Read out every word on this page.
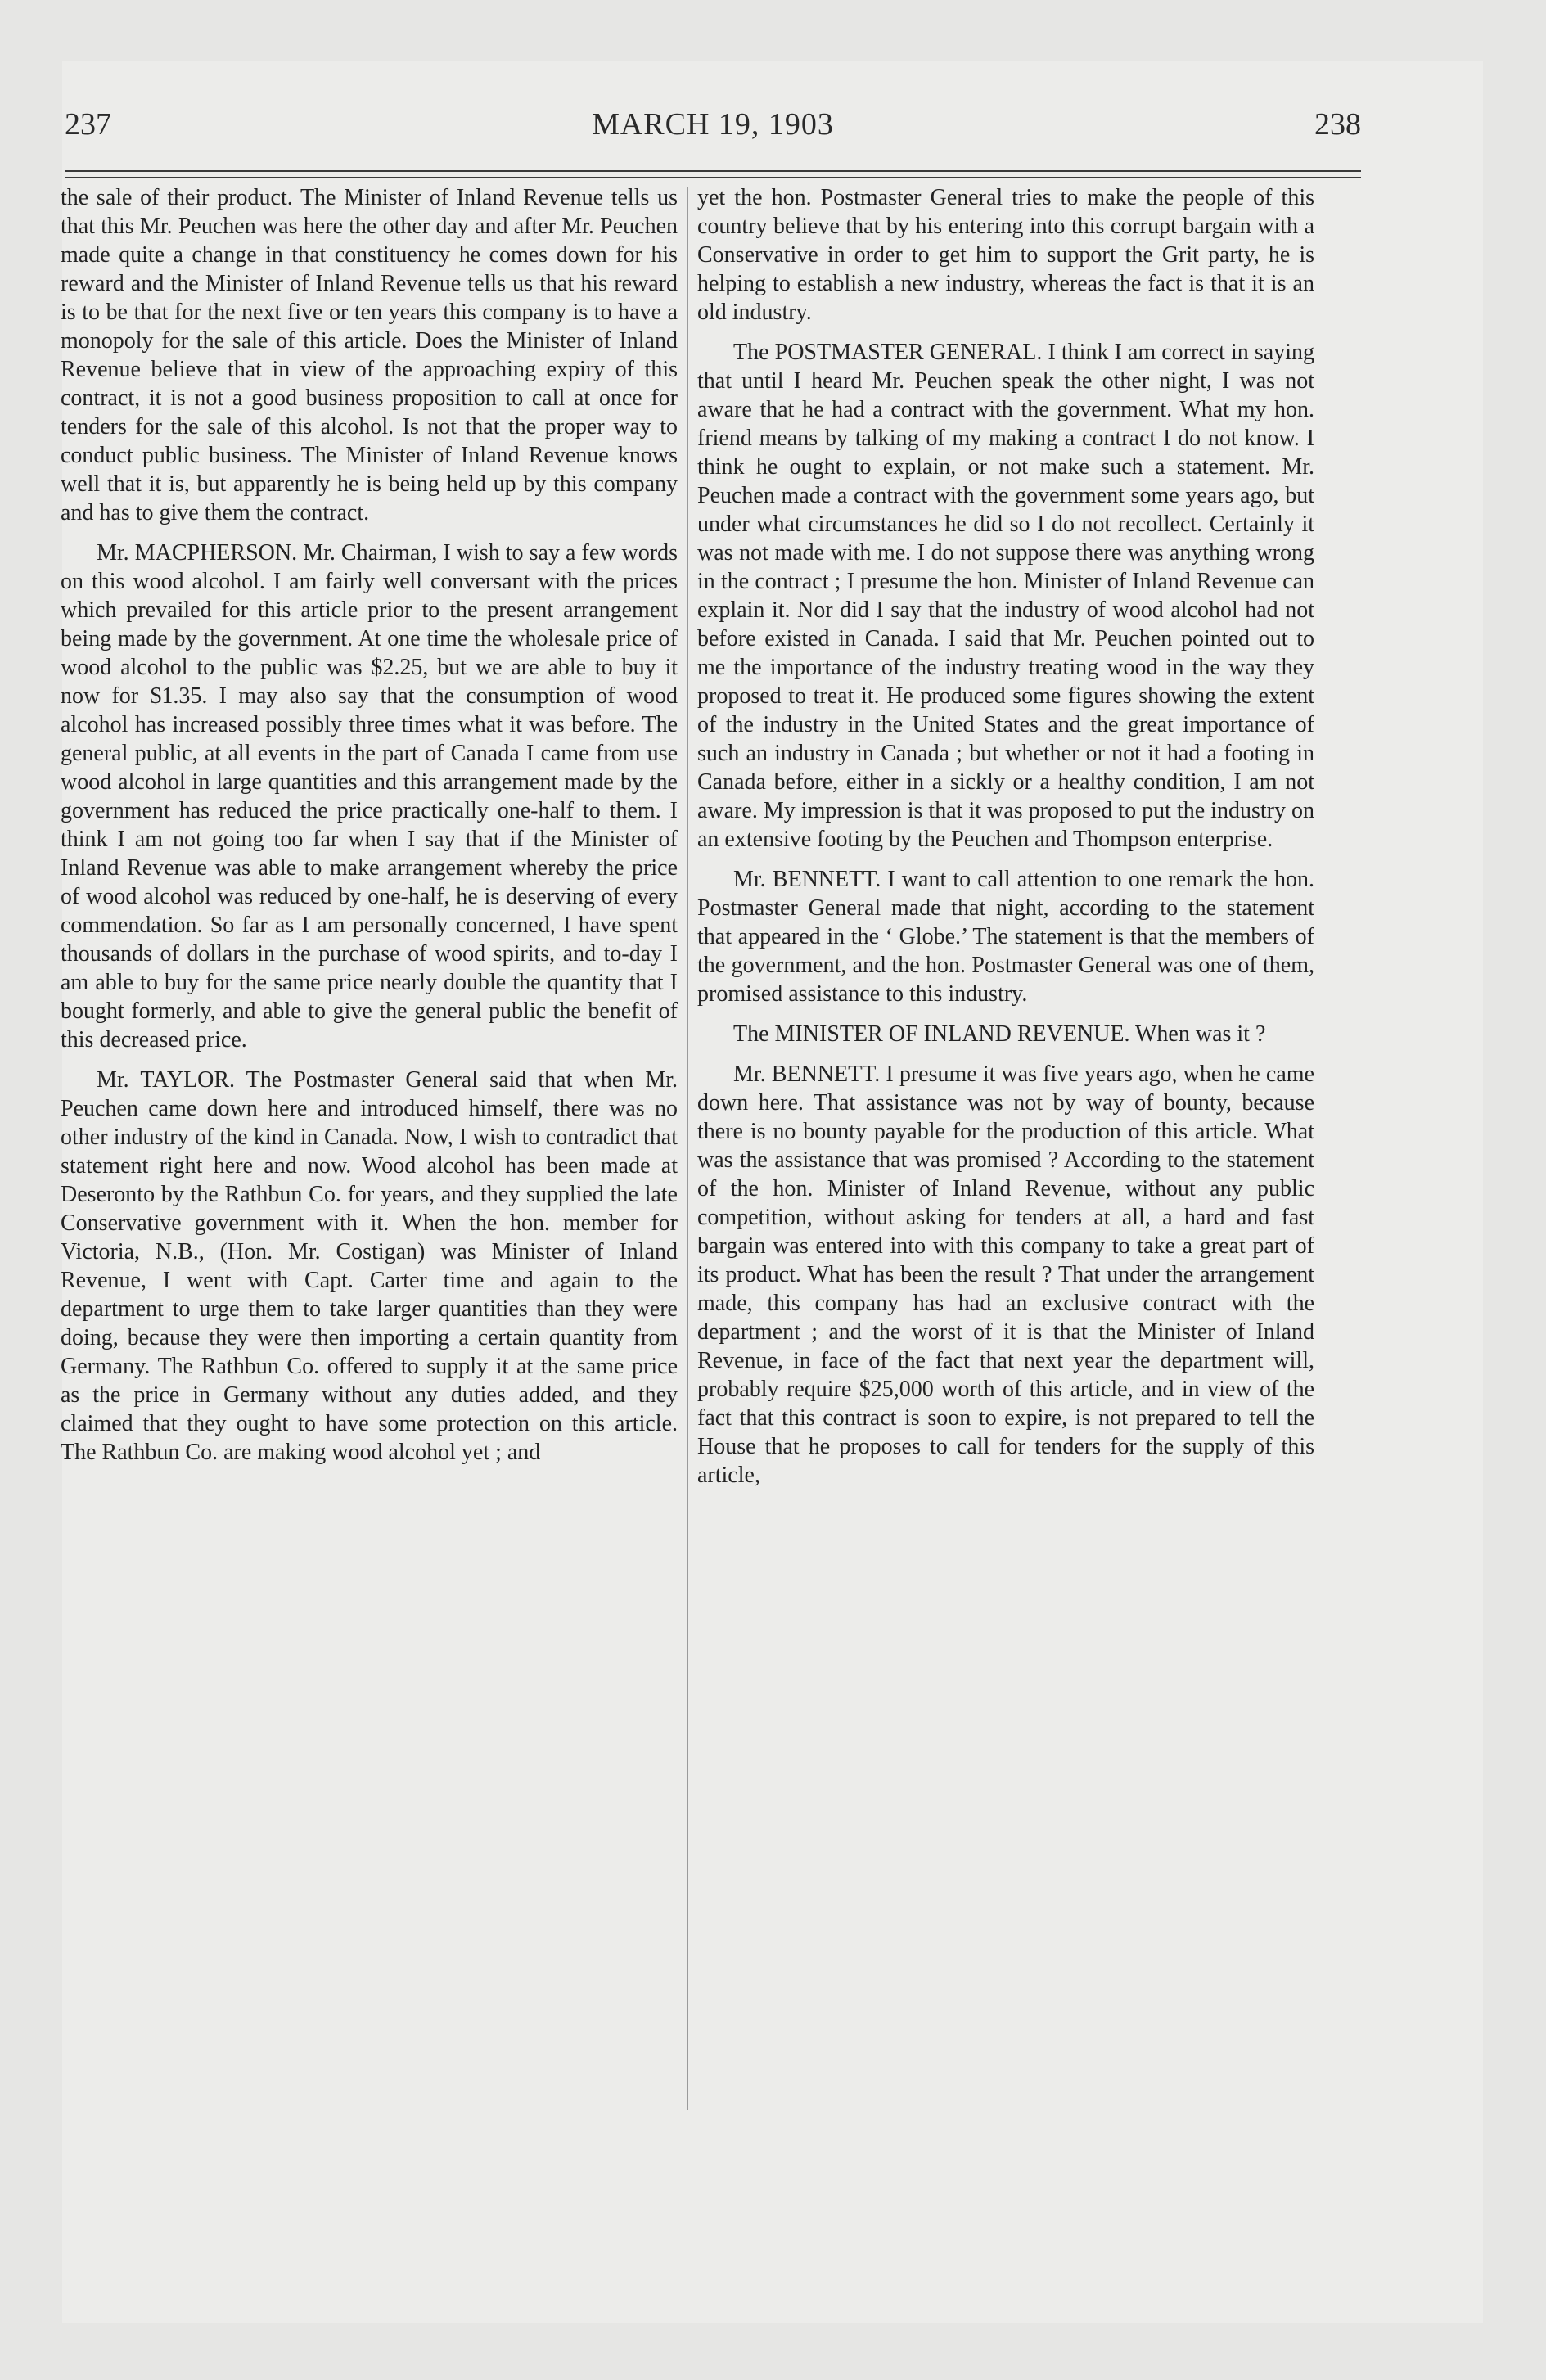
237	MARCH 19, 1903	238

the sale of their product. The Minister of Inland Revenue tells us that this Mr. Peuchen was here the other day and after Mr. Peuchen made quite a change in that constituency he comes down for his reward and the Minister of Inland Revenue tells us that his reward is to be that for the next five or ten years this company is to have a monopoly for the sale of this article. Does the Minister of Inland Revenue believe that in view of the approaching expiry of this contract, it is not a good business proposition to call at once for tenders for the sale of this alcohol. Is not that the proper way to conduct public business. The Minister of Inland Revenue knows well that it is, but apparently he is being held up by this company and has to give them the contract.

Mr. MACPHERSON. Mr. Chairman, I wish to say a few words on this wood alcohol. I am fairly well conversant with the prices which prevailed for this article prior to the present arrangement being made by the government. At one time the wholesale price of wood alcohol to the public was $2.25, but we are able to buy it now for $1.35. I may also say that the consumption of wood alcohol has increased possibly three times what it was before. The general public, at all events in the part of Canada I came from use wood alcohol in large quantities and this arrangement made by the government has reduced the price practically one-half to them. I think I am not going too far when I say that if the Minister of Inland Revenue was able to make arrangement whereby the price of wood alcohol was reduced by one-half, he is deserving of every commendation. So far as I am personally concerned, I have spent thousands of dollars in the purchase of wood spirits, and to-day I am able to buy for the same price nearly double the quantity that I bought formerly, and able to give the general public the benefit of this decreased price.

Mr. TAYLOR. The Postmaster General said that when Mr. Peuchen came down here and introduced himself, there was no other industry of the kind in Canada. Now, I wish to contradict that statement right here and now. Wood alcohol has been made at Deseronto by the Rathbun Co. for years, and they supplied the late Conservative government with it. When the hon. member for Victoria, N.B., (Hon. Mr. Costigan) was Minister of Inland Revenue, I went with Capt. Carter time and again to the department to urge them to take larger quantities than they were doing, because they were then importing a certain quantity from Germany. The Rathbun Co. offered to supply it at the same price as the price in Germany without any duties added, and they claimed that they ought to have some protection on this article. The Rathbun Co. are making wood alcohol yet ; and

yet the hon. Postmaster General tries to make the people of this country believe that by his entering into this corrupt bargain with a Conservative in order to get him to support the Grit party, he is helping to establish a new industry, whereas the fact is that it is an old industry.

The POSTMASTER GENERAL. I think I am correct in saying that until I heard Mr. Peuchen speak the other night, I was not aware that he had a contract with the government. What my hon. friend means by talking of my making a contract I do not know. I think he ought to explain, or not make such a statement. Mr. Peuchen made a contract with the government some years ago, but under what circumstances he did so I do not recollect. Certainly it was not made with me. I do not suppose there was anything wrong in the contract ; I presume the hon. Minister of Inland Revenue can explain it. Nor did I say that the industry of wood alcohol had not before existed in Canada. I said that Mr. Peuchen pointed out to me the importance of the industry treating wood in the way they proposed to treat it. He produced some figures showing the extent of the industry in the United States and the great importance of such an industry in Canada ; but whether or not it had a footing in Canada before, either in a sickly or a healthy condition, I am not aware. My impression is that it was proposed to put the industry on an extensive footing by the Peuchen and Thompson enterprise.

Mr. BENNETT. I want to call attention to one remark the hon. Postmaster General made that night, according to the statement that appeared in the ‘ Globe.’ The statement is that the members of the government, and the hon. Postmaster General was one of them, promised assistance to this industry.

The MINISTER OF INLAND REVENUE. When was it ?

Mr. BENNETT. I presume it was five years ago, when he came down here. That assistance was not by way of bounty, because there is no bounty payable for the production of this article. What was the assistance that was promised ? According to the statement of the hon. Minister of Inland Revenue, without any public competition, without asking for tenders at all, a hard and fast bargain was entered into with this company to take a great part of its product. What has been the result ? That under the arrangement made, this company has had an exclusive contract with the department ; and the worst of it is that the Minister of Inland Revenue, in face of the fact that next year the department will, probably require $25,000 worth of this article, and in view of the fact that this contract is soon to expire, is not prepared to tell the House that he proposes to call for tenders for the supply of this article,
